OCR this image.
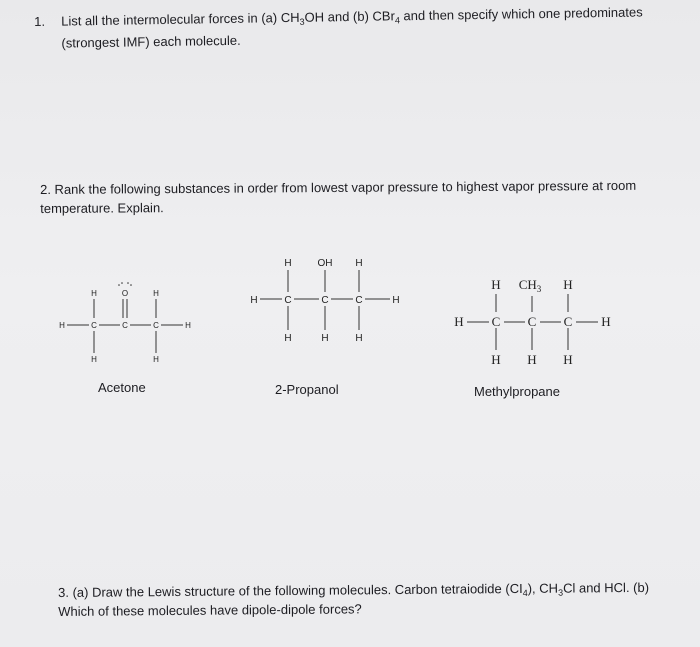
1. List all the intermolecular forces in (a) $CH_3OH$ and (b) CBr$_4$ and then specify which one predominates
(strongest IMF) each molecule.
2. Rank the following substances in order from lowest vapor pressure to highest vapor pressure at room
temperature. Explain.
H	H
O
H	C	C	C	H
H	H
Acetone
H	OH H
H	C	C	C	H
H	H	H
2-Propanol
H $CH_3$ H
H C C C H
H H H
Methylpropane
3. (a) Draw the Lewis structure of the following molecules. Carbon tetraiodide $(CI_4)$, $CH_3Cl$ and HCl. (b)
Which of these molecules have dipole-dipole forces?
